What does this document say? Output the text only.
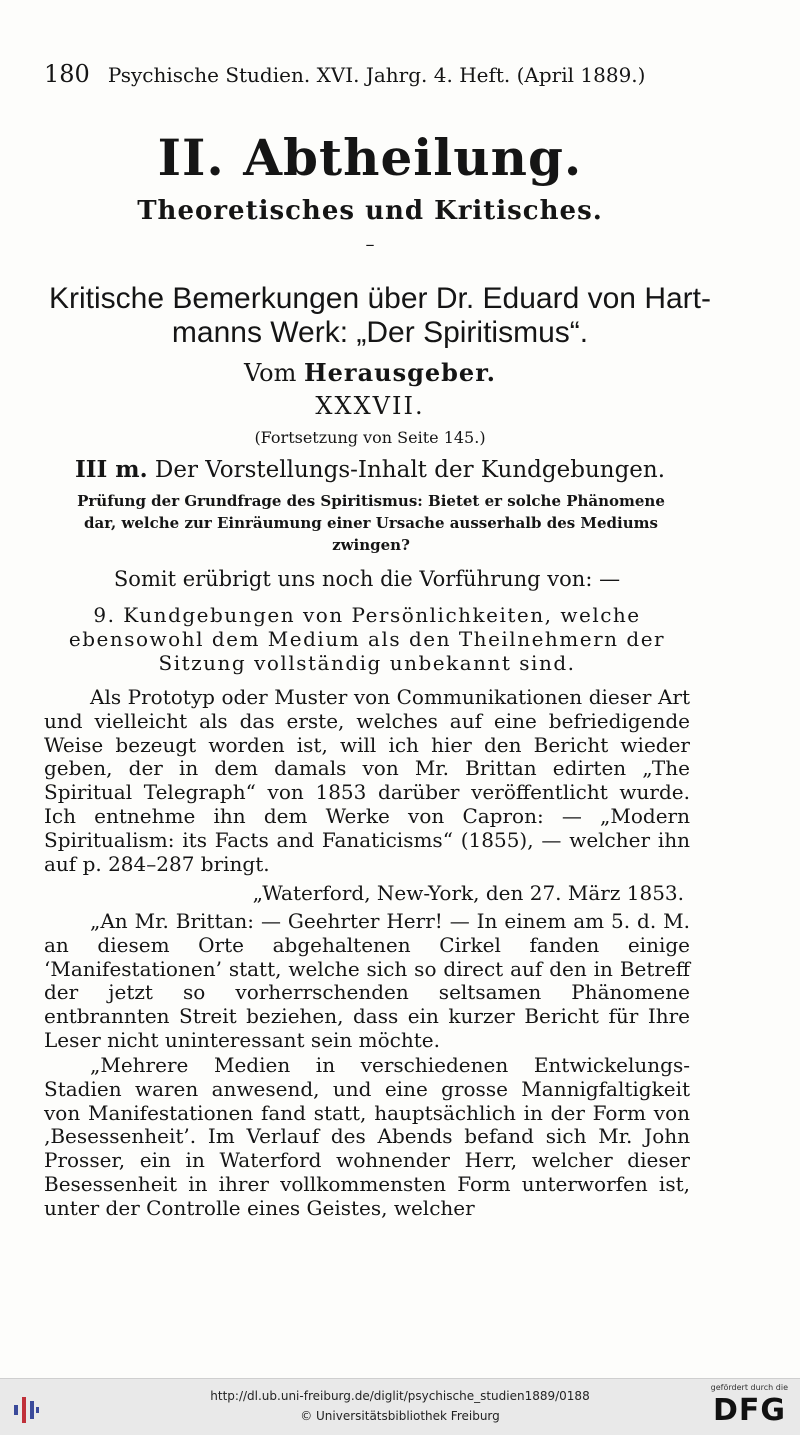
180 Psychische Studien. XVI. Jahrg. 4. Heft. (April 1889.)
II. Abtheilung.
Theoretisches und Kritisches.
–
Kritische Bemerkungen über Dr. Eduard von Hart-
manns Werk: „Der Spiritismus“.
Vom Herausgeber.
XXXVII.
(Fortsetzung von Seite 145.)
III m. Der Vorstellungs-Inhalt der Kundgebungen.
Prüfung der Grundfrage des Spiritismus: Bietet er solche Phänomene
dar, welche zur Einräumung einer Ursache ausserhalb des Mediums
zwingen?
Somit erübrigt uns noch die Vorführung von: —
9. Kundgebungen von Persönlichkeiten, welche
ebensowohl dem Medium als den Theilnehmern der
Sitzung vollständig unbekannt sind.
Als Prototyp oder Muster von Communikationen dieser Art und vielleicht als das erste, welches auf eine befriedigende Weise bezeugt worden ist, will ich hier den Bericht wieder geben, der in dem damals von Mr. Brittan edirten „The Spiritual Telegraph“ von 1853 darüber veröffentlicht wurde. Ich entnehme ihn dem Werke von Capron: — „Modern Spiritualism: its Facts and Fanaticisms“ (1855), — welcher ihn auf p. 284–287 bringt.
„Waterford, New-York, den 27. März 1853.
„An Mr. Brittan: — Geehrter Herr! — In einem am 5. d. M. an diesem Orte abgehaltenen Cirkel fanden einige ‘Manifestationen’ statt, welche sich so direct auf den in Betreff der jetzt so vorherrschenden seltsamen Phänomene entbrannten Streit beziehen, dass ein kurzer Bericht für Ihre Leser nicht uninteressant sein möchte.
„Mehrere Medien in verschiedenen Entwickelungs-Stadien waren anwesend, und eine grosse Mannigfaltigkeit von Manifestationen fand statt, hauptsächlich in der Form von ‚Besessenheit’. Im Verlauf des Abends befand sich Mr. John Prosser, ein in Waterford wohnender Herr, welcher dieser Besessenheit in ihrer vollkommensten Form unterworfen ist, unter der Controlle eines Geistes, welcher
http://dl.ub.uni-freiburg.de/diglit/psychische_studien1889/0188
© Universitätsbibliothek Freiburg
gefördert durch die
DFG
